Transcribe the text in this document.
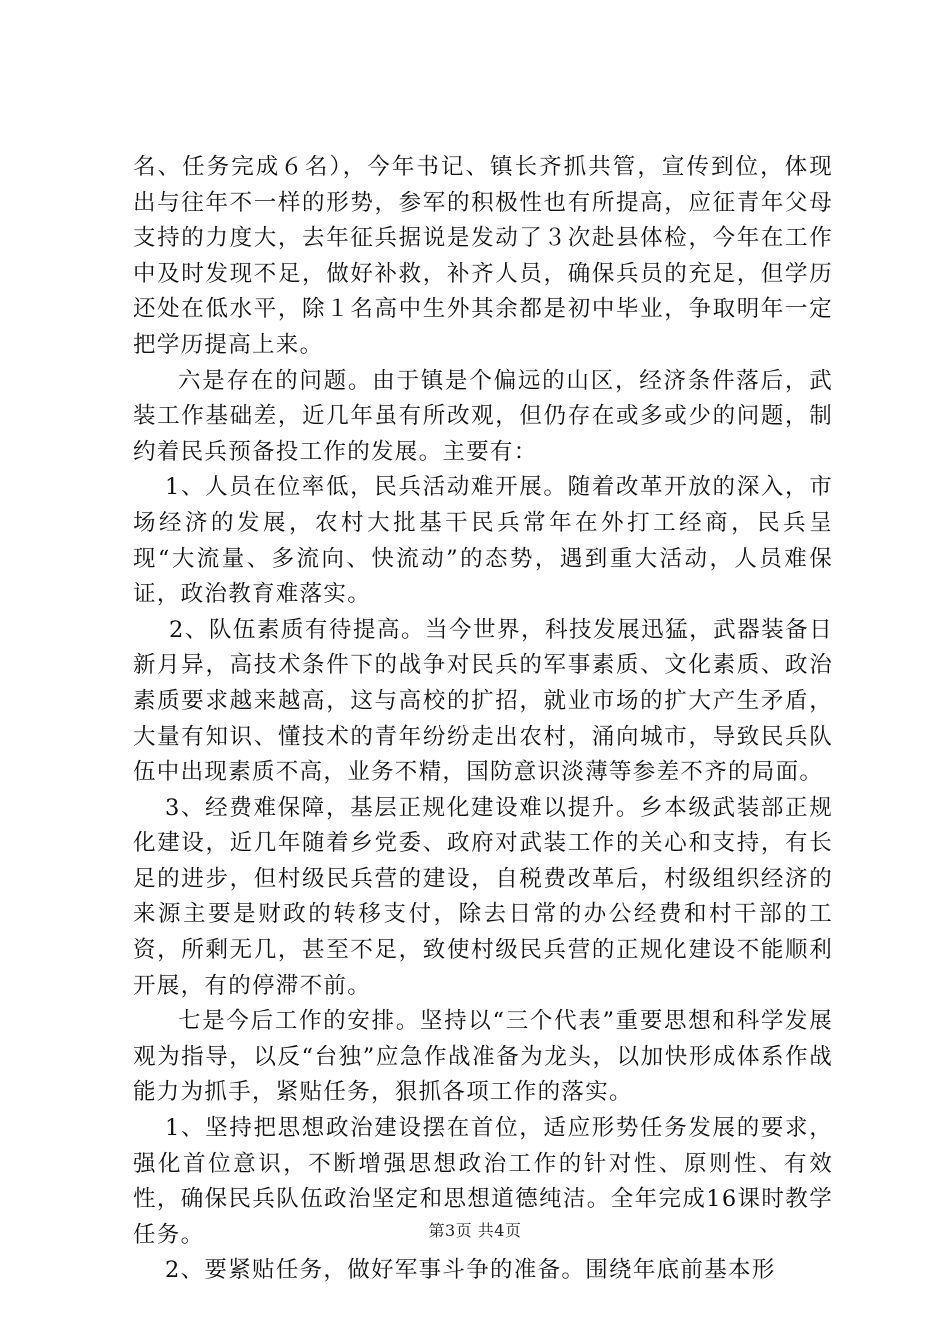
名、任务完成６名），今年书记、镇长齐抓共管，宣传到位，体现出与往年不一样的形势，参军的积极性也有所提高，应征青年父母支持的力度大，去年征兵据说是发动了３次赴县体检，今年在工作中及时发现不足，做好补救，补齐人员，确保兵员的充足，但学历还处在低水平，除１名高中生外其余都是初中毕业，争取明年一定把学历提高上来。

六是存在的问题。由于镇是个偏远的山区，经济条件落后，武装工作基础差，近几年虽有所改观，但仍存在或多或少的问题，制约着民兵预备投工作的发展。主要有：

1、人员在位率低，民兵活动难开展。随着改革开放的深入，市场经济的发展，农村大批基干民兵常年在外打工经商，民兵呈现“大流量、多流向、快流动”的态势，遇到重大活动，人员难保证，政治教育难落实。

2、队伍素质有待提高。当今世界，科技发展迅猛，武器装备日新月异，高技术条件下的战争对民兵的军事素质、文化素质、政治素质要求越来越高，这与高校的扩招，就业市场的扩大产生矛盾，大量有知识、懂技术的青年纷纷走出农村，涌向城市，导致民兵队伍中出现素质不高，业务不精，国防意识淡薄等参差不齐的局面。

3、经费难保障，基层正规化建设难以提升。乡本级武装部正规化建设，近几年随着乡党委、政府对武装工作的关心和支持，有长足的进步，但村级民兵营的建设，自税费改革后，村级组织经济的来源主要是财政的转移支付，除去日常的办公经费和村干部的工资，所剩无几，甚至不足，致使村级民兵营的正规化建设不能顺利开展，有的停滞不前。

七是今后工作的安排。坚持以“三个代表”重要思想和科学发展观为指导，以反“台独”应急作战准备为龙头，以加快形成体系作战能力为抓手，紧贴任务，狠抓各项工作的落实。

1、坚持把思想政治建设摆在首位，适应形势任务发展的要求，强化首位意识，不断增强思想政治工作的针对性、原则性、有效性，确保民兵队伍政治坚定和思想道德纯洁。全年完成16课时教学任务。

2、要紧贴任务，做好军事斗争的准备。围绕年底前基本形

第3页 共4页
